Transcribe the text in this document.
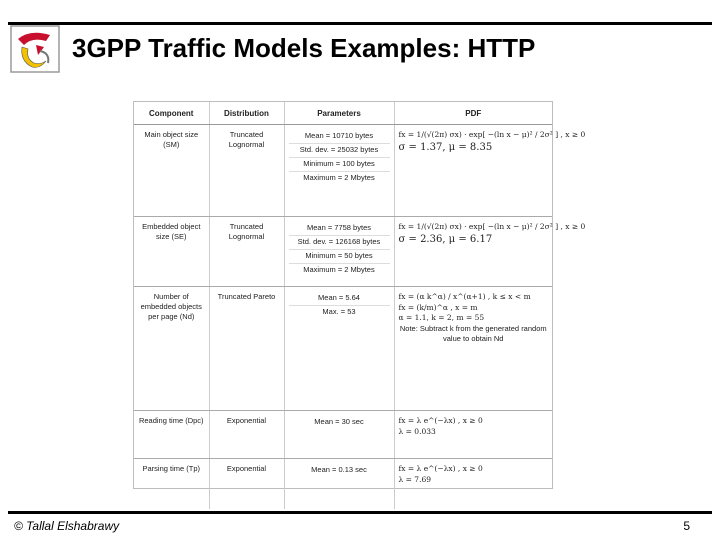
3GPP Traffic Models Examples: HTTP
Component	Distribution	Parameters	PDF
Main object size (SM)	Truncated Lognormal	Mean = 10710 bytes
Std. dev. = 25032 bytes
Minimum = 100 bytes
Maximum = 2 Mbytes	fx = 1/(√(2π) σx) · exp[ −(ln x − μ)² / 2σ² ] , x ≥ 0
σ = 1.37, μ = 8.35

Embedded object size (SE)	Truncated Lognormal	Mean = 7758 bytes
Std. dev. = 126168 bytes
Minimum = 50 bytes
Maximum = 2 Mbytes	fx = 1/(√(2π) σx) · exp[ −(ln x − μ)² / 2σ² ] , x ≥ 0
σ = 2.36, μ = 6.17

Number of embedded objects per page (Nd)	Truncated Pareto	Mean = 5.64
Max. = 53	fx = (α k^α) / x^(α+1) , k ≤ x < m
fx = (k/m)^α , x = m
α = 1.1, k = 2, m = 55
Note: Subtract k from the generated random value to obtain Nd

Reading time (Dpc)	Exponential	Mean = 30 sec	fx = λ e^(−λx) , x ≥ 0
λ = 0.033

Parsing time (Tp)	Exponential	Mean = 0.13 sec	fx = λ e^(−λx) , x ≥ 0
λ = 7.69
© Tallal Elshabrawy	5
